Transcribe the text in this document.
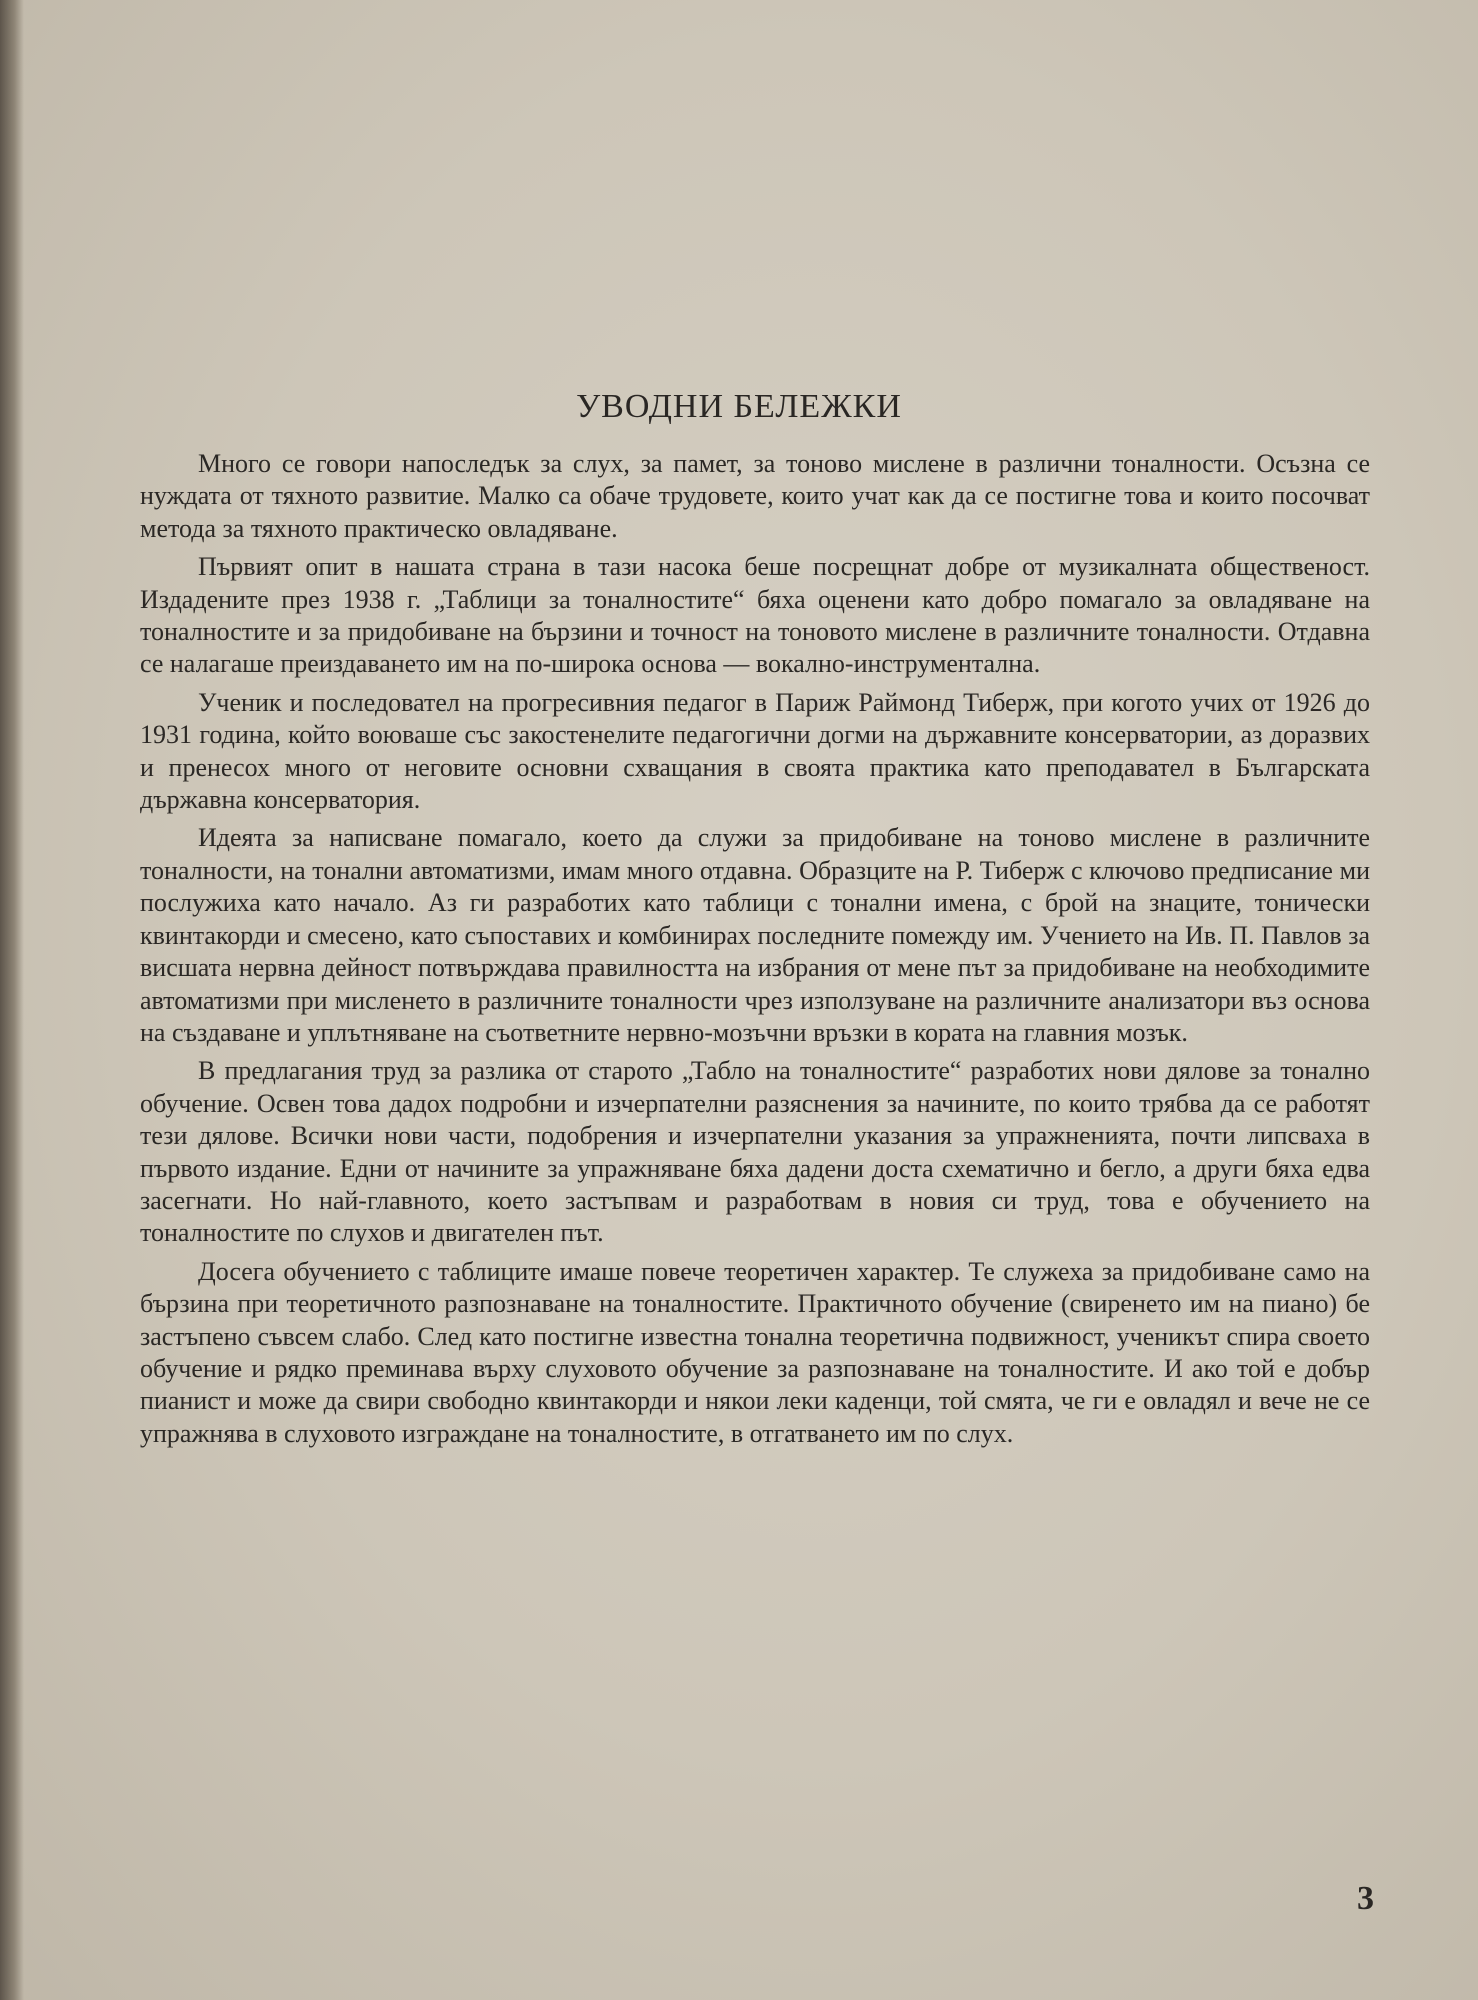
УВОДНИ БЕЛЕЖКИ

Много се говори напоследък за слух, за памет, за тоново мислене в различни тоналности. Осъзна се нуждата от тяхното развитие. Малко са обаче трудовете, които учат как да се постигне това и които посочват метода за тяхното практическо овладяване.

Първият опит в нашата страна в тази насока беше посрещнат добре от музикалната общественост. Издадените през 1938 г. „Таблици за тоналностите“ бяха оценени като добро помагало за овладяване на тоналностите и за придобиване на бързини и точност на тоновото мислене в различните тоналности. Отдавна се налагаше преиздаването им на по-широка основа — вокално-инструментална.

Ученик и последовател на прогресивния педагог в Париж Раймонд Тиберж, при когото учих от 1926 до 1931 година, който воюваше със закостенелите педагогични догми на държавните консерватории, аз доразвих и пренесох много от неговите основни схващания в своята практика като преподавател в Българската държавна консерватория.

Идеята за написване помагало, което да служи за придобиване на тоново мислене в различните тоналности, на тонални автоматизми, имам много отдавна. Образците на Р. Тиберж с ключово предписание ми послужиха като начало. Аз ги разработих като таблици с тонални имена, с брой на знаците, тонически квинтакорди и смесено, като съпоставих и комбинирах последните помежду им. Учението на Ив. П. Павлов за висшата нервна дейност потвърждава правилността на избрания от мене път за придобиване на необходимите автоматизми при мисленето в различните тоналности чрез използуване на различните анализатори въз основа на създаване и уплътняване на съответните нервно-мозъчни връзки в кората на главния мозък.

В предлагания труд за разлика от старото „Табло на тоналностите“ разработих нови дялове за тонално обучение. Освен това дадох подробни и изчерпателни разяснения за начините, по които трябва да се работят тези дялове. Всички нови части, подобрения и изчерпателни указания за упражненията, почти липсваха в първото издание. Едни от начините за упражняване бяха дадени доста схематично и бегло, а други бяха едва засегнати. Но най-главното, което застъпвам и разработвам в новия си труд, това е обучението на тоналностите по слухов и двигателен път.

Досега обучението с таблиците имаше повече теоретичен характер. Те служеха за придобиване само на бързина при теоретичното разпознаване на тоналностите. Практичното обучение (свиренето им на пиано) бе застъпено съвсем слабо. След като постигне известна тонална теоретична подвижност, ученикът спира своето обучение и рядко преминава върху слуховото обучение за разпознаване на тоналностите. И ако той е добър пианист и може да свири свободно квинтакорди и някои леки каденци, той смята, че ги е овладял и вече не се упражнява в слуховото изграждане на тоналностите, в отгатването им по слух.

3
